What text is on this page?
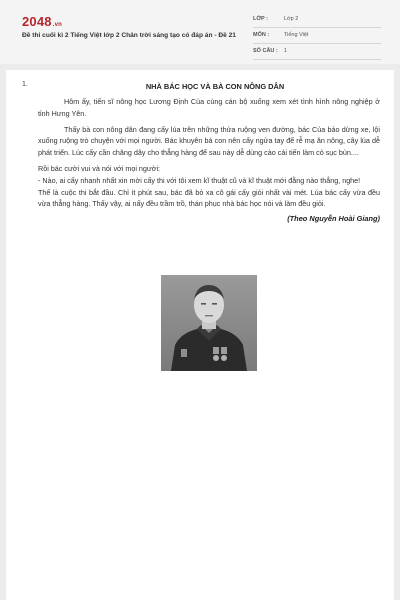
2048.vn
Đề thi cuối kì 2 Tiếng Việt lớp 2 Chân trời sáng tạo có đáp án - Đề 21
LỚP :	Lớp 2
MÔN :	Tiếng Việt
SỐ CÂU : 1
1.	NHÀ BÁC HỌC VÀ BÀ CON NÔNG DÂN

Hôm ấy, tiến sĩ nông học Lương Định Của cùng cán bộ xuống xem xét tình hình nông nghiệp ở tỉnh Hưng Yên.

Thấy bà con nông dân đang cấy lúa trên những thửa ruộng ven đường, bác Của bảo dừng xe, lội xuống ruộng trò chuyện với mọi người. Bác khuyên bà con nên cấy ngửa tay để rễ mạ ăn nông, cây lúa dễ phát triển. Lúc cấy cần chăng dây cho thẳng hàng để sau này dễ dùng cào cải tiến làm cỏ sục bùn....

Rồi bác cười vui và nói với mọi người:

- Nào, ai cấy nhanh nhất xin mời cấy thi với tôi xem kĩ thuật cũ và kĩ thuật mới đằng nào thắng, nghe!

Thế là cuộc thi bắt đầu. Chỉ ít phút sau, bác đã bỏ xa cô gái cấy giỏi nhất vài mét. Lúa bác cấy vừa đều vừa thẳng hàng. Thấy vậy, ai nấy đều trầm trồ, thán phục nhà bác học nói và làm đều giỏi.

(Theo Nguyễn Hoài Giang)
